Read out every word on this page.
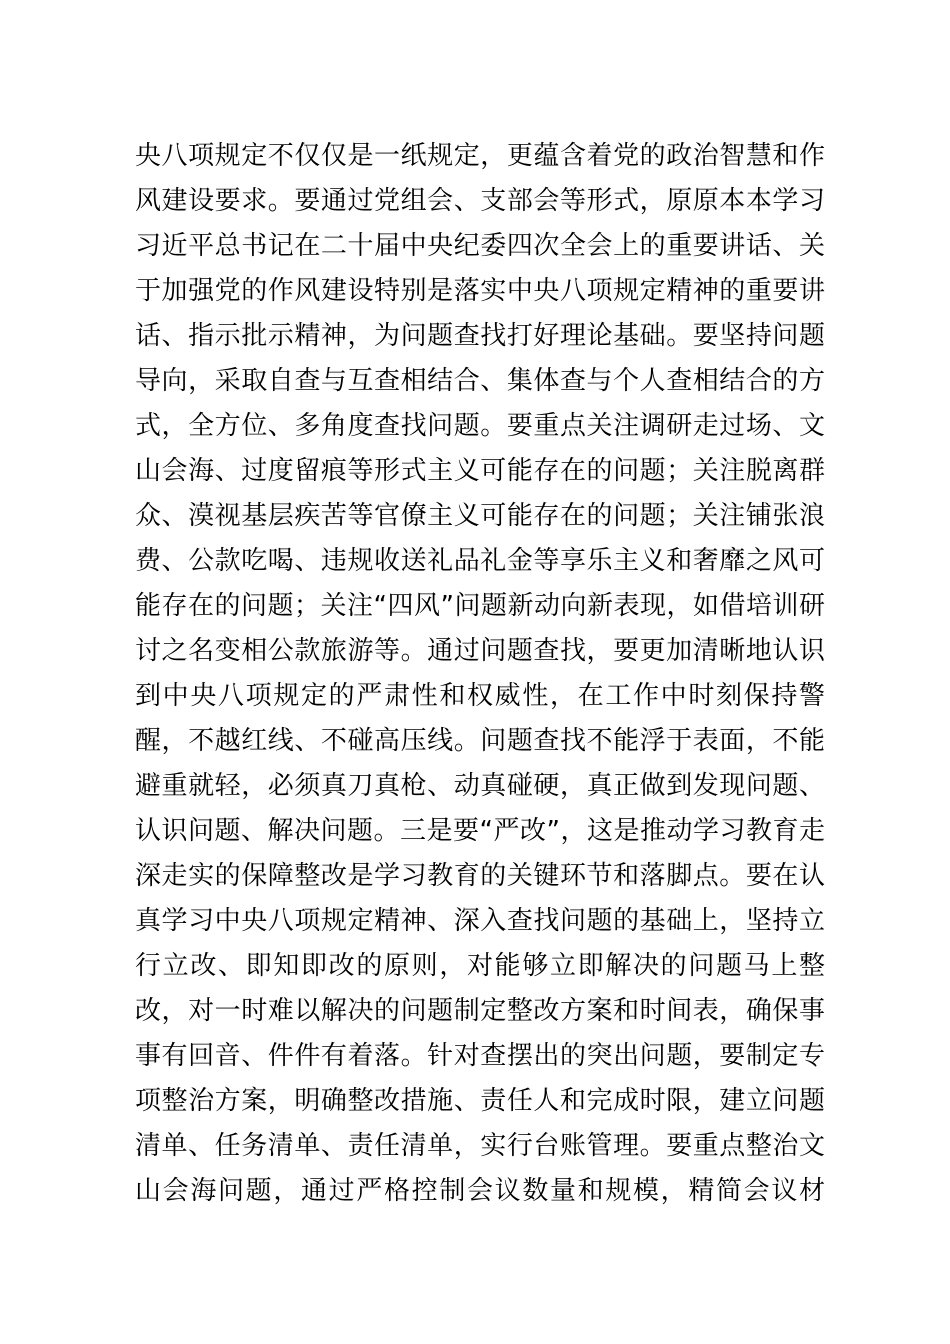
央八项规定不仅仅是一纸规定，更蕴含着党的政治智慧和作
风建设要求。要通过党组会、支部会等形式，原原本本学习
习近平总书记在二十届中央纪委四次全会上的重要讲话、关
于加强党的作风建设特别是落实中央八项规定精神的重要讲
话、指示批示精神，为问题查找打好理论基础。要坚持问题
导向，采取自查与互查相结合、集体查与个人查相结合的方
式，全方位、多角度查找问题。要重点关注调研走过场、文
山会海、过度留痕等形式主义可能存在的问题；关注脱离群
众、漠视基层疾苦等官僚主义可能存在的问题；关注铺张浪
费、公款吃喝、违规收送礼品礼金等享乐主义和奢靡之风可
能存在的问题；关注“四风”问题新动向新表现，如借培训研
讨之名变相公款旅游等。通过问题查找，要更加清晰地认识
到中央八项规定的严肃性和权威性，在工作中时刻保持警
醒，不越红线、不碰高压线。问题查找不能浮于表面，不能
避重就轻，必须真刀真枪、动真碰硬，真正做到发现问题、
认识问题、解决问题。三是要“严改”，这是推动学习教育走
深走实的保障整改是学习教育的关键环节和落脚点。要在认
真学习中央八项规定精神、深入查找问题的基础上，坚持立
行立改、即知即改的原则，对能够立即解决的问题马上整
改，对一时难以解决的问题制定整改方案和时间表，确保事
事有回音、件件有着落。针对查摆出的突出问题，要制定专
项整治方案，明确整改措施、责任人和完成时限，建立问题
清单、任务清单、责任清单，实行台账管理。要重点整治文
山会海问题，通过严格控制会议数量和规模，精简会议材
